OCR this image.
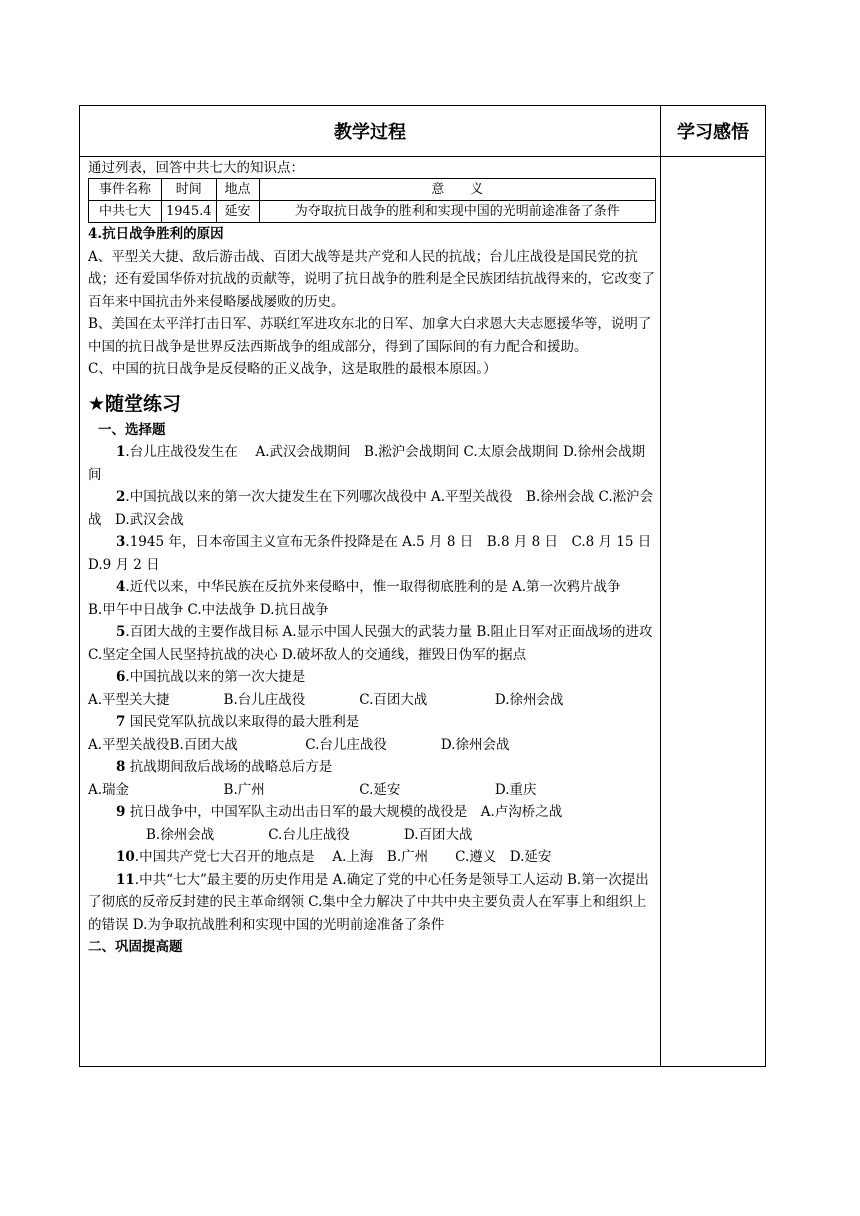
教学过程	学习感悟

通过列表，回答中共七大的知识点：

事件名称	时间	地点	意　　义
中共七大	1945.4	延安	为夺取抗日战争的胜利和实现中国的光明前途准备了条件

4.抗日战争胜利的原因

A、平型关大捷、敌后游击战、百团大战等是共产党和人民的抗战；台儿庄战役是国民党的抗战；还有爱国华侨对抗战的贡献等，说明了抗日战争的胜利是全民族团结抗战得来的，它改变了百年来中国抗击外来侵略屡战屡败的历史。

B、美国在太平洋打击日军、苏联红军进攻东北的日军、加拿大白求恩大夫志愿援华等，说明了中国的抗日战争是世界反法西斯战争的组成部分，得到了国际间的有力配合和援助。

C、中国的抗日战争是反侵略的正义战争，这是取胜的最根本原因。）

★随堂练习

一、选择题

1.台儿庄战役发生在　 A.武汉会战期间　B.淞沪会战期间 C.太原会战期间 D.徐州会战期间

2.中国抗战以来的第一次大捷发生在下列哪次战役中 A.平型关战役　B.徐州会战 C.淞沪会战　D.武汉会战

3.1945 年，日本帝国主义宣布无条件投降是在 A.5 月 8 日　B.8 月 8 日　C.8 月 15 日 D.9 月 2 日

4.近代以来，中华民族在反抗外来侵略中，惟一取得彻底胜利的是 A.第一次鸦片战争　　B.甲午中日战争 C.中法战争 D.抗日战争

5.百团大战的主要作战目标 A.显示中国人民强大的武装力量 B.阻止日军对正面战场的进攻 C.坚定全国人民坚持抗战的决心 D.破坏敌人的交通线，摧毁日伪军的据点

6.中国抗战以来的第一次大捷是

A.平型关大捷　　　　B.台儿庄战役　　　　C.百团大战　　　　　D.徐州会战

7 国民党军队抗战以来取得的最大胜利是

A.平型关战役B.百团大战　　　　　C.台儿庄战役　　　　D.徐州会战

8 抗战期间敌后战场的战略总后方是

A.瑞金　　　　　　　B.广州　　　　　　　C.延安　　　　　　　D.重庆

9 抗日战争中，中国军队主动出击日军的最大规模的战役是　A.卢沟桥之战

B.徐州会战　　　　C.台儿庄战役　　　　D.百团大战

10.中国共产党七大召开的地点是　 A.上海　B.广州　　C.遵义　D.延安

11.中共“七大”最主要的历史作用是 A.确定了党的中心任务是领导工人运动 B.第一次提出了彻底的反帝反封建的民主革命纲领 C.集中全力解决了中共中央主要负责人在军事上和组织上的错误 D.为争取抗战胜利和实现中国的光明前途准备了条件

二、巩固提高题
